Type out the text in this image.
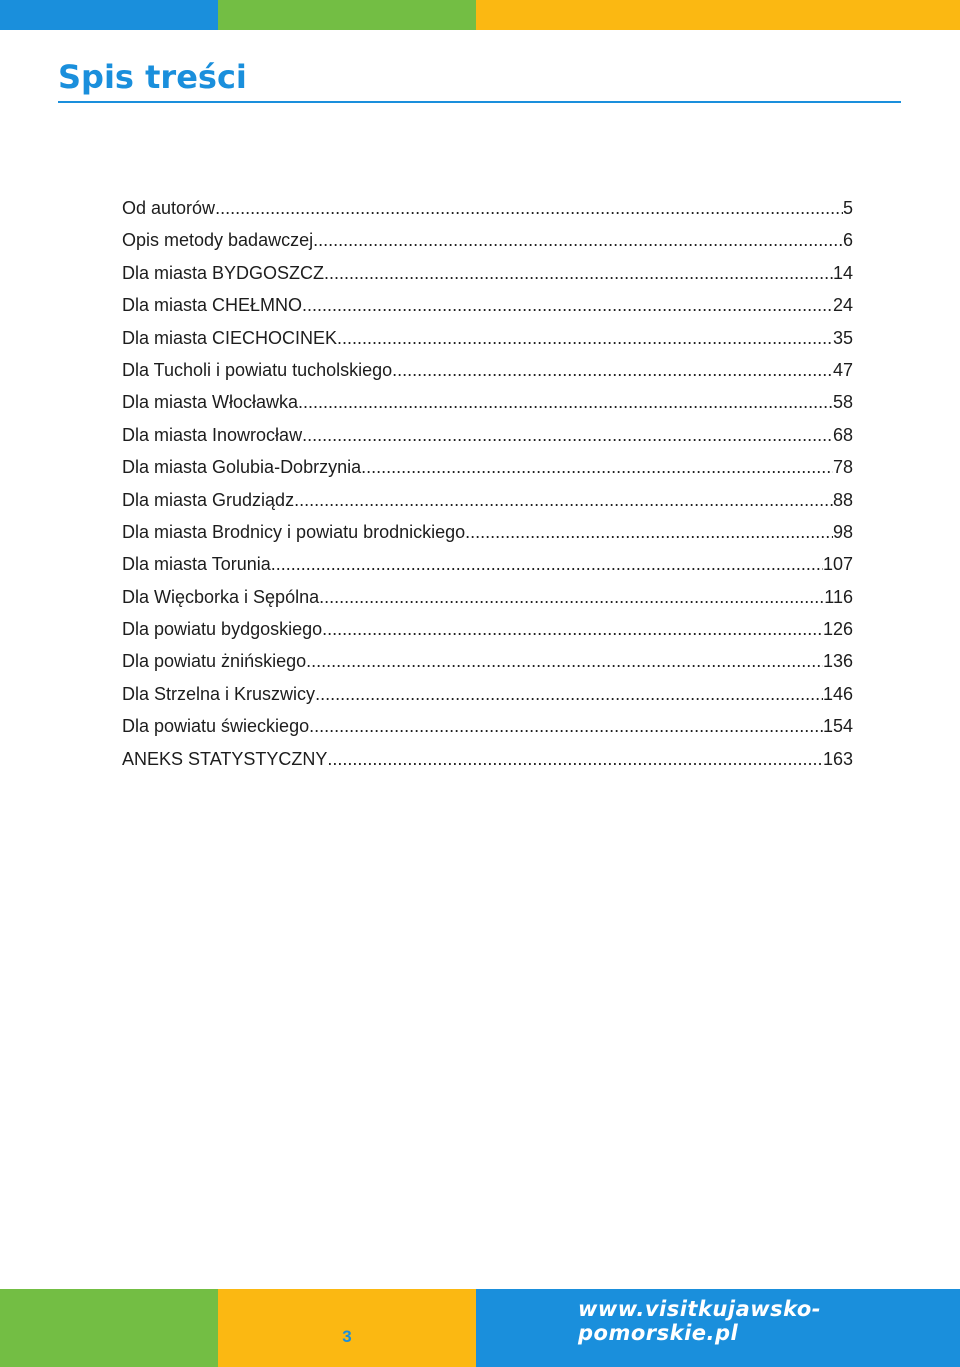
Spis treści
Od autorów .....	5
Opis metody badawczej .....	6
Dla miasta BYDGOSZCZ .....	14
Dla miasta CHEŁMNO .....	24
Dla miasta CIECHOCINEK .....	35
Dla Tucholi i powiatu tucholskiego .....	47
Dla miasta Włocławka .....	58
Dla miasta Inowrocław .....	68
Dla miasta Golubia-Dobrzynia .....	78
Dla miasta Grudziądz .....	88
Dla miasta Brodnicy i powiatu brodnickiego .....	98
Dla miasta Torunia .....	107
Dla Więcborka i Sępólna .....	116
Dla powiatu bydgoskiego .....	126
Dla powiatu żnińskiego .....	136
Dla Strzelna i Kruszwicy .....	146
Dla powiatu świeckiego .....	154
ANEKS STATYSTYCZNY .....	163
3
www.visitkujawsko-pomorskie.pl
